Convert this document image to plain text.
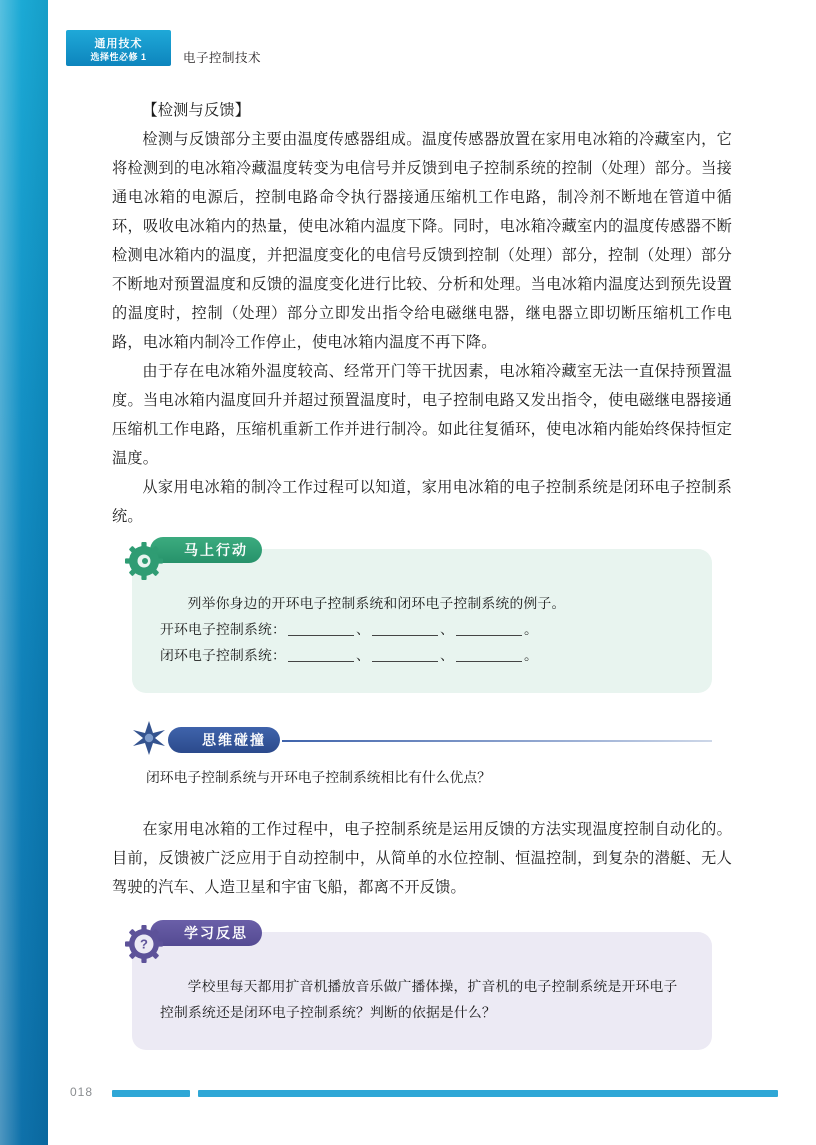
通用技术
选择性必修 1	电子控制技术
【检测与反馈】

检测与反馈部分主要由温度传感器组成。温度传感器放置在家用电冰箱的冷藏室内，它将检测到的电冰箱冷藏温度转变为电信号并反馈到电子控制系统的控制（处理）部分。当接通电冰箱的电源后，控制电路命令执行器接通压缩机工作电路，制冷剂不断地在管道中循环，吸收电冰箱内的热量，使电冰箱内温度下降。同时，电冰箱冷藏室内的温度传感器不断检测电冰箱内的温度，并把温度变化的电信号反馈到控制（处理）部分，控制（处理）部分不断地对预置温度和反馈的温度变化进行比较、分析和处理。当电冰箱内温度达到预先设置的温度时，控制（处理）部分立即发出指令给电磁继电器，继电器立即切断压缩机工作电路，电冰箱内制冷工作停止，使电冰箱内温度不再下降。

由于存在电冰箱外温度较高、经常开门等干扰因素，电冰箱冷藏室无法一直保持预置温度。当电冰箱内温度回升并超过预置温度时，电子控制电路又发出指令，使电磁继电器接通压缩机工作电路，压缩机重新工作并进行制冷。如此往复循环，使电冰箱内能始终保持恒定温度。

从家用电冰箱的制冷工作过程可以知道，家用电冰箱的电子控制系统是闭环电子控制系统。

马上行动
列举你身边的开环电子控制系统和闭环电子控制系统的例子。
开环电子控制系统：	、	、	。
闭环电子控制系统：	、	、	。
思维碰撞
闭环电子控制系统与开环电子控制系统相比有什么优点？

在家用电冰箱的工作过程中，电子控制系统是运用反馈的方法实现温度控制自动化的。目前，反馈被广泛应用于自动控制中，从简单的水位控制、恒温控制，到复杂的潜艇、无人驾驶的汽车、人造卫星和宇宙飞船，都离不开反馈。

?
学习反思
学校里每天都用扩音机播放音乐做广播体操，扩音机的电子控制系统是开环电子控制系统还是闭环电子控制系统？判断的依据是什么？
018
